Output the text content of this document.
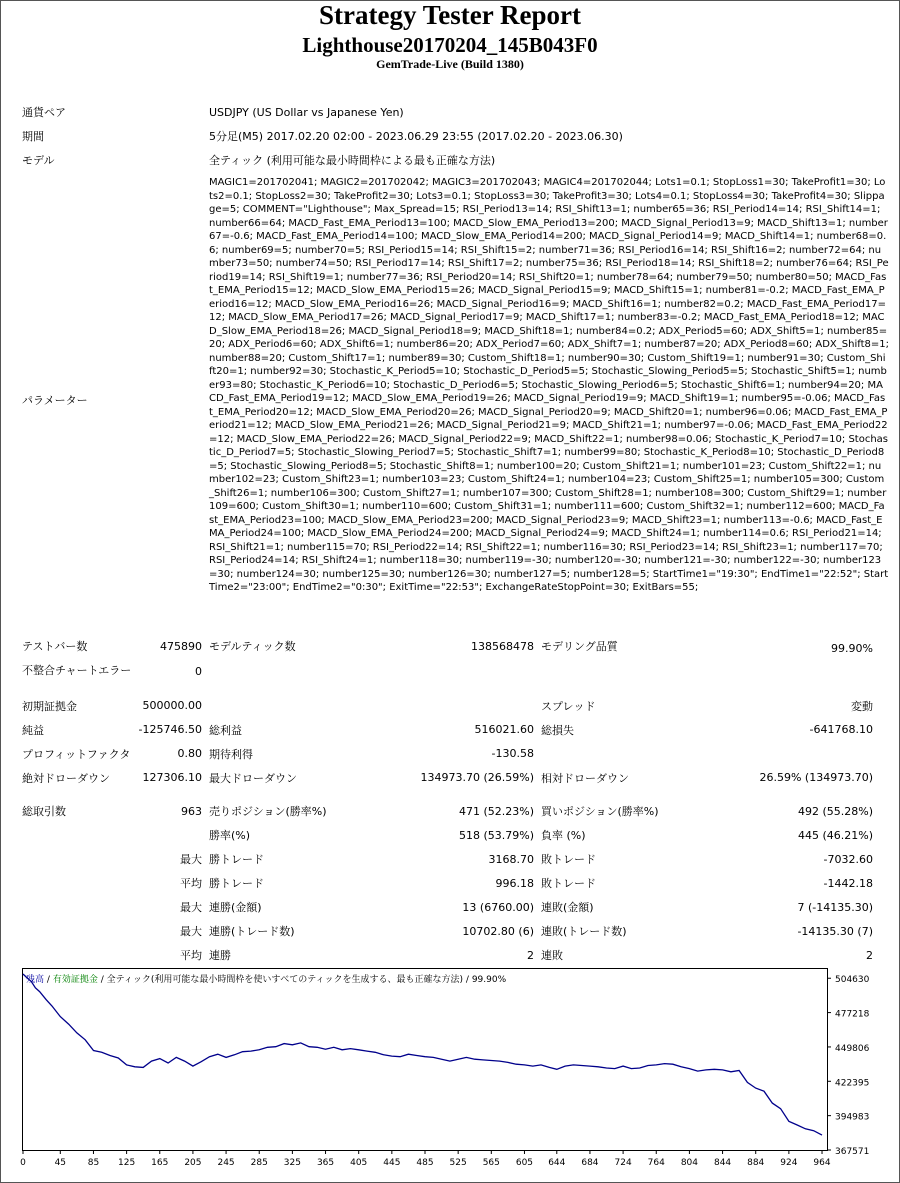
Strategy Tester Report
Lighthouse20170204_145B043F0
GemTrade-Live (Build 1380)
通貨ペア	USDJPY (US Dollar vs Japanese Yen)
期間	5分足(M5) 2017.02.20 02:00 - 2023.06.29 23:55 (2017.02.20 - 2023.06.30)
モデル	全ティック (利用可能な最小時間枠による最も正確な方法)
パラメーター
MAGIC1=201702041; MAGIC2=201702042; MAGIC3=201702043; MAGIC4=201702044; Lots1=0.1; StopLoss1=30; TakeProfit1=30; Lots2=0.1; StopLoss2=30; TakeProfit2=30; Lots3=0.1; StopLoss3=30; TakeProfit3=30; Lots4=0.1; StopLoss4=30; TakeProfit4=30; Slippage=5; COMMENT="Lighthouse"; Max_Spread=15; RSI_Period13=14; RSI_Shift13=1; number65=36; RSI_Period14=14; RSI_Shift14=1; number66=64; MACD_Fast_EMA_Period13=100; MACD_Slow_EMA_Period13=200; MACD_Signal_Period13=9; MACD_Shift13=1; number67=-0.6; MACD_Fast_EMA_Period14=100; MACD_Slow_EMA_Period14=200; MACD_Signal_Period14=9; MACD_Shift14=1; number68=0.6; number69=5; number70=5; RSI_Period15=14; RSI_Shift15=2; number71=36; RSI_Period16=14; RSI_Shift16=2; number72=64; number73=50; number74=50; RSI_Period17=14; RSI_Shift17=2; number75=36; RSI_Period18=14; RSI_Shift18=2; number76=64; RSI_Period19=14; RSI_Shift19=1; number77=36; RSI_Period20=14; RSI_Shift20=1; number78=64; number79=50; number80=50; MACD_Fast_EMA_Period15=12; MACD_Slow_EMA_Period15=26; MACD_Signal_Period15=9; MACD_Shift15=1; number81=-0.2; MACD_Fast_EMA_Period16=12; MACD_Slow_EMA_Period16=26; MACD_Signal_Period16=9; MACD_Shift16=1; number82=0.2; MACD_Fast_EMA_Period17=12; MACD_Slow_EMA_Period17=26; MACD_Signal_Period17=9; MACD_Shift17=1; number83=-0.2; MACD_Fast_EMA_Period18=12; MACD_Slow_EMA_Period18=26; MACD_Signal_Period18=9; MACD_Shift18=1; number84=0.2; ADX_Period5=60; ADX_Shift5=1; number85=20; ADX_Period6=60; ADX_Shift6=1; number86=20; ADX_Period7=60; ADX_Shift7=1; number87=20; ADX_Period8=60; ADX_Shift8=1; number88=20; Custom_Shift17=1; number89=30; Custom_Shift18=1; number90=30; Custom_Shift19=1; number91=30; Custom_Shift20=1; number92=30; Stochastic_K_Period5=10; Stochastic_D_Period5=5; Stochastic_Slowing_Period5=5; Stochastic_Shift5=1; number93=80; Stochastic_K_Period6=10; Stochastic_D_Period6=5; Stochastic_Slowing_Period6=5; Stochastic_Shift6=1; number94=20; MACD_Fast_EMA_Period19=12; MACD_Slow_EMA_Period19=26; MACD_Signal_Period19=9; MACD_Shift19=1; number95=-0.06; MACD_Fast_EMA_Period20=12; MACD_Slow_EMA_Period20=26; MACD_Signal_Period20=9; MACD_Shift20=1; number96=0.06; MACD_Fast_EMA_Period21=12; MACD_Slow_EMA_Period21=26; MACD_Signal_Period21=9; MACD_Shift21=1; number97=-0.06; MACD_Fast_EMA_Period22=12; MACD_Slow_EMA_Period22=26; MACD_Signal_Period22=9; MACD_Shift22=1; number98=0.06; Stochastic_K_Period7=10; Stochastic_D_Period7=5; Stochastic_Slowing_Period7=5; Stochastic_Shift7=1; number99=80; Stochastic_K_Period8=10; Stochastic_D_Period8=5; Stochastic_Slowing_Period8=5; Stochastic_Shift8=1; number100=20; Custom_Shift21=1; number101=23; Custom_Shift22=1; number102=23; Custom_Shift23=1; number103=23; Custom_Shift24=1; number104=23; Custom_Shift25=1; number105=300; Custom_Shift26=1; number106=300; Custom_Shift27=1; number107=300; Custom_Shift28=1; number108=300; Custom_Shift29=1; number109=600; Custom_Shift30=1; number110=600; Custom_Shift31=1; number111=600; Custom_Shift32=1; number112=600; MACD_Fast_EMA_Period23=100; MACD_Slow_EMA_Period23=200; MACD_Signal_Period23=9; MACD_Shift23=1; number113=-0.6; MACD_Fast_EMA_Period24=100; MACD_Slow_EMA_Period24=200; MACD_Signal_Period24=9; MACD_Shift24=1; number114=0.6; RSI_Period21=14; RSI_Shift21=1; number115=70; RSI_Period22=14; RSI_Shift22=1; number116=30; RSI_Period23=14; RSI_Shift23=1; number117=70; RSI_Period24=14; RSI_Shift24=1; number118=30; number119=-30; number120=-30; number121=-30; number122=-30; number123=30; number124=30; number125=30; number126=30; number127=5; number128=5; StartTime1="19:30"; EndTime1="22:52"; StartTime2="23:00"; EndTime2="0:30"; ExitTime="22:53"; ExchangeRateStopPoint=30; ExitBars=55;
テストバー数	475890 モデルティック数	138568478 モデリング品質	99.90%
不整合チャートエラー	0
初期証拠金	500000.00	スプレッド	変動
純益	-125746.50 総利益	516021.60 総損失	-641768.10
プロフィットファクタ	0.80 期待利得	-130.58
絶対ドローダウン	127306.10 最大ドローダウン	134973.70 (26.59%) 相対ドローダウン	26.59% (134973.70)
総取引数	963 売りポジション(勝率%)	471 (52.23%) 買いポジション(勝率%)	492 (55.28%)
勝率(%)	518 (53.79%) 負率 (%)	445 (46.21%)
最大 勝トレード	3168.70 敗トレード	-7032.60
平均 勝トレード	996.18 敗トレード	-1442.18
最大 連勝(金額)	13 (6760.00) 連敗(金額)	7 (-14135.30)
最大 連勝(トレード数)	10702.80 (6) 連敗(トレード数)	-14135.30 (7)
平均 連勝	2 連敗	2
残高 / 有効証拠金 / 全ティック(利用可能な最小時間枠を使いすべてのティックを生成する、最も正確な方法) / 99.90%	504630
477218
449806
422395
394983
367571
0	45 85 125 165 205 245 285 325 365 405 445 485 525 565 605 644 684 724 764 804 844 884 924 964
